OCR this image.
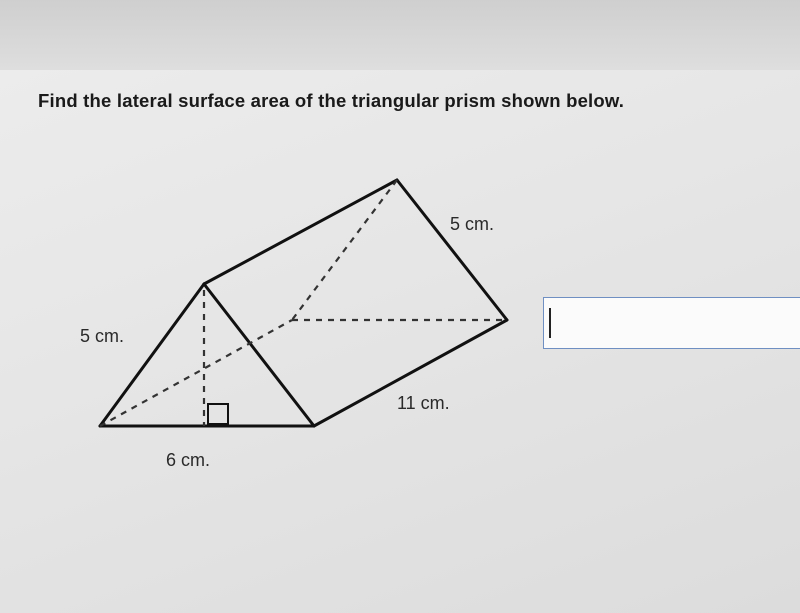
Find the lateral surface area of the triangular prism shown below.
5 cm.
5 cm.
11 cm.
6 cm.
